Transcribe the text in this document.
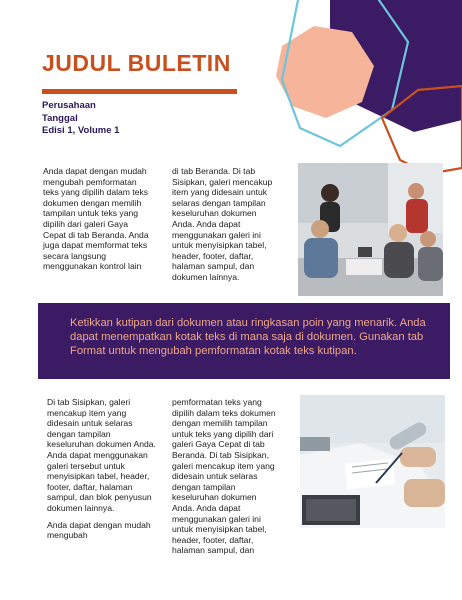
JUDUL BULETIN
Perusahaan
Tanggal
Edisi 1, Volume 1

Anda dapat dengan mudah mengubah pemformatan teks yang dipilih dalam teks dokumen dengan memilih tampilan untuk teks yang dipilih dari galeri Gaya Cepat di tab Beranda. Anda juga dapat memformat teks secara langsung menggunakan kontrol lain

di tab Beranda. Di tab Sisipkan, galeri mencakup item yang didesain untuk selaras dengan tampilan keseluruhan dokumen Anda. Anda dapat menggunakan galeri ini untuk menyisipkan tabel, header, footer, daftar, halaman sampul, dan dokumen lainnya.

Ketikkan kutipan dari dokumen atau ringkasan poin yang menarik. Anda dapat menempatkan kotak teks di mana saja di dokumen. Gunakan tab Format untuk mengubah pemformatan kotak teks kutipan.

Di tab Sisipkan, galeri mencakup item yang didesain untuk selaras dengan tampilan keseluruhan dokumen Anda. Anda dapat menggunakan galeri tersebut untuk menyisipkan tabel, header, footer, daftar, halaman sampul, dan blok penyusun dokumen lainnya.

Anda dapat dengan mudah mengubah

pemformatan teks yang dipilih dalam teks dokumen dengan memilih tampilan untuk teks yang dipilih dari galeri Gaya Cepat di tab Beranda. Di tab Sisipkan, galeri mencakup item yang didesain untuk selaras dengan tampilan keseluruhan dokumen Anda. Anda dapat menggunakan galeri ini untuk menyisipkan tabel, header, footer, daftar, halaman sampul, dan
